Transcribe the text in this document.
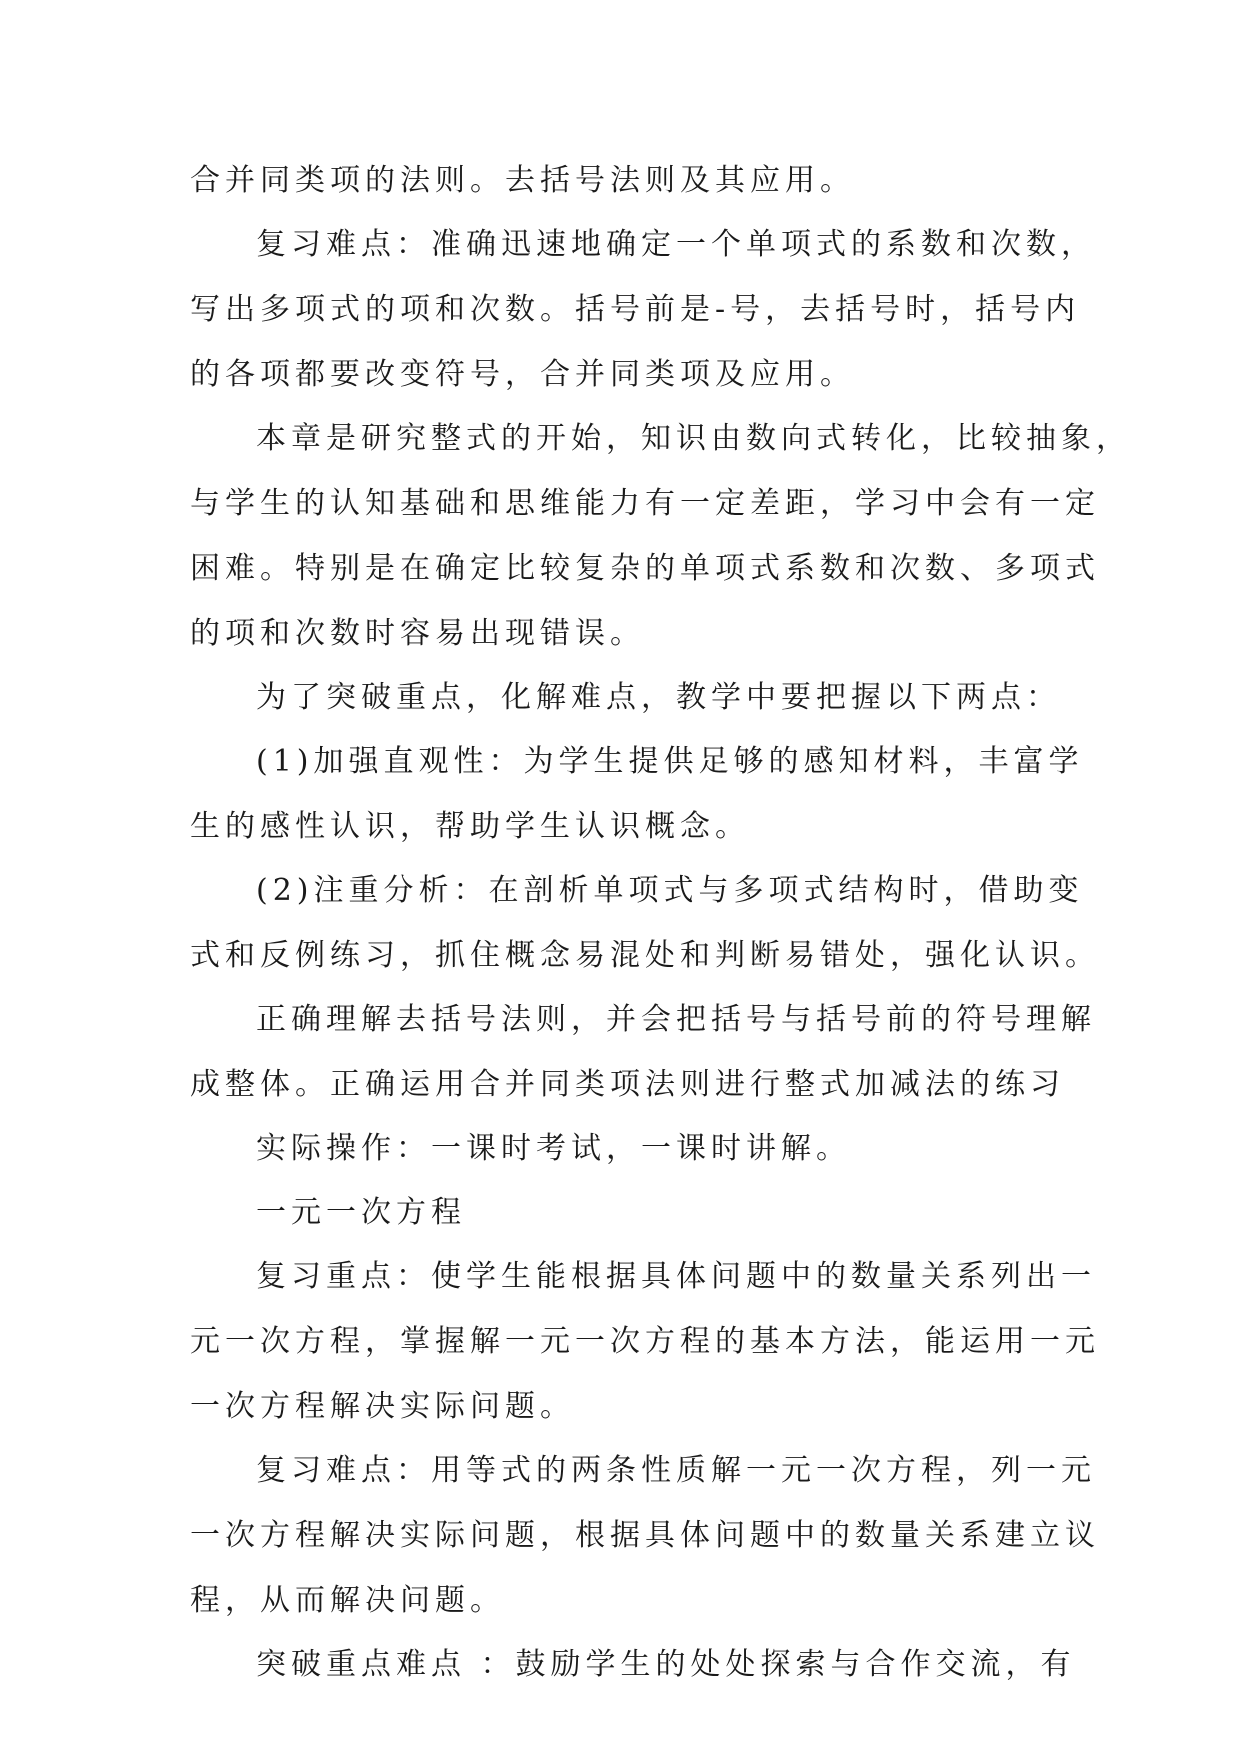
合并同类项的法则。去括号法则及其应用。
复习难点：准确迅速地确定一个单项式的系数和次数，
写出多项式的项和次数。括号前是-号，去括号时，括号内
的各项都要改变符号，合并同类项及应用。
本章是研究整式的开始，知识由数向式转化，比较抽象，
与学生的认知基础和思维能力有一定差距，学习中会有一定
困难。特别是在确定比较复杂的单项式系数和次数、多项式
的项和次数时容易出现错误。
为了突破重点，化解难点，教学中要把握以下两点：
(1)加强直观性：为学生提供足够的感知材料，丰富学
生的感性认识，帮助学生认识概念。
(2)注重分析：在剖析单项式与多项式结构时，借助变
式和反例练习，抓住概念易混处和判断易错处，强化认识。
正确理解去括号法则，并会把括号与括号前的符号理解
成整体。正确运用合并同类项法则进行整式加减法的练习
实际操作：一课时考试，一课时讲解。
一元一次方程
复习重点：使学生能根据具体问题中的数量关系列出一
元一次方程，掌握解一元一次方程的基本方法，能运用一元
一次方程解决实际问题。
复习难点：用等式的两条性质解一元一次方程，列一元
一次方程解决实际问题，根据具体问题中的数量关系建立议
程，从而解决问题。
突破重点难点 ：鼓励学生的处处探索与合作交流，有
